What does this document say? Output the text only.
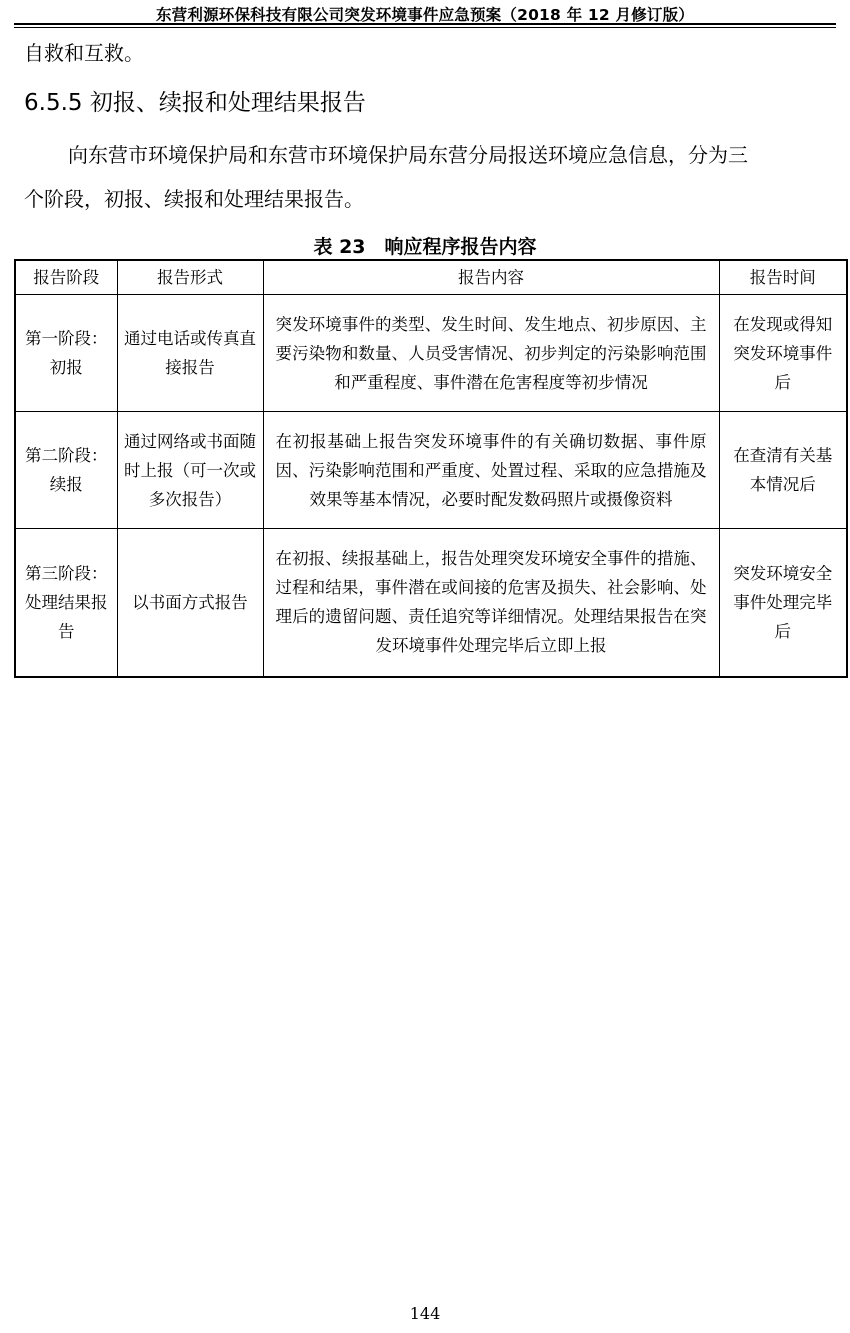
东营利源环保科技有限公司突发环境事件应急预案（2018 年 12 月修订版）
自救和互救。
6.5.5 初报、续报和处理结果报告
向东营市环境保护局和东营市环境保护局东营分局报送环境应急信息，分为三
个阶段，初报、续报和处理结果报告。
表 23　响应程序报告内容
报告阶段	报告形式	报告内容	报告时间
第一阶段：初报	通过电话或传真直接报告	突发环境事件的类型、发生时间、发生地点、初步原因、主要污染物和数量、人员受害情况、初步判定的污染影响范围和严重程度、事件潜在危害程度等初步情况	在发现或得知突发环境事件后
第二阶段：续报	通过网络或书面随时上报（可一次或多次报告）	在初报基础上报告突发环境事件的有关确切数据、事件原因、污染影响范围和严重度、处置过程、采取的应急措施及效果等基本情况，必要时配发数码照片或摄像资料	在查清有关基本情况后
第三阶段：处理结果报告	以书面方式报告	在初报、续报基础上，报告处理突发环境安全事件的措施、过程和结果，事件潜在或间接的危害及损失、社会影响、处理后的遗留问题、责任追究等详细情况。处理结果报告在突发环境事件处理完毕后立即上报	突发环境安全事件处理完毕后
144
